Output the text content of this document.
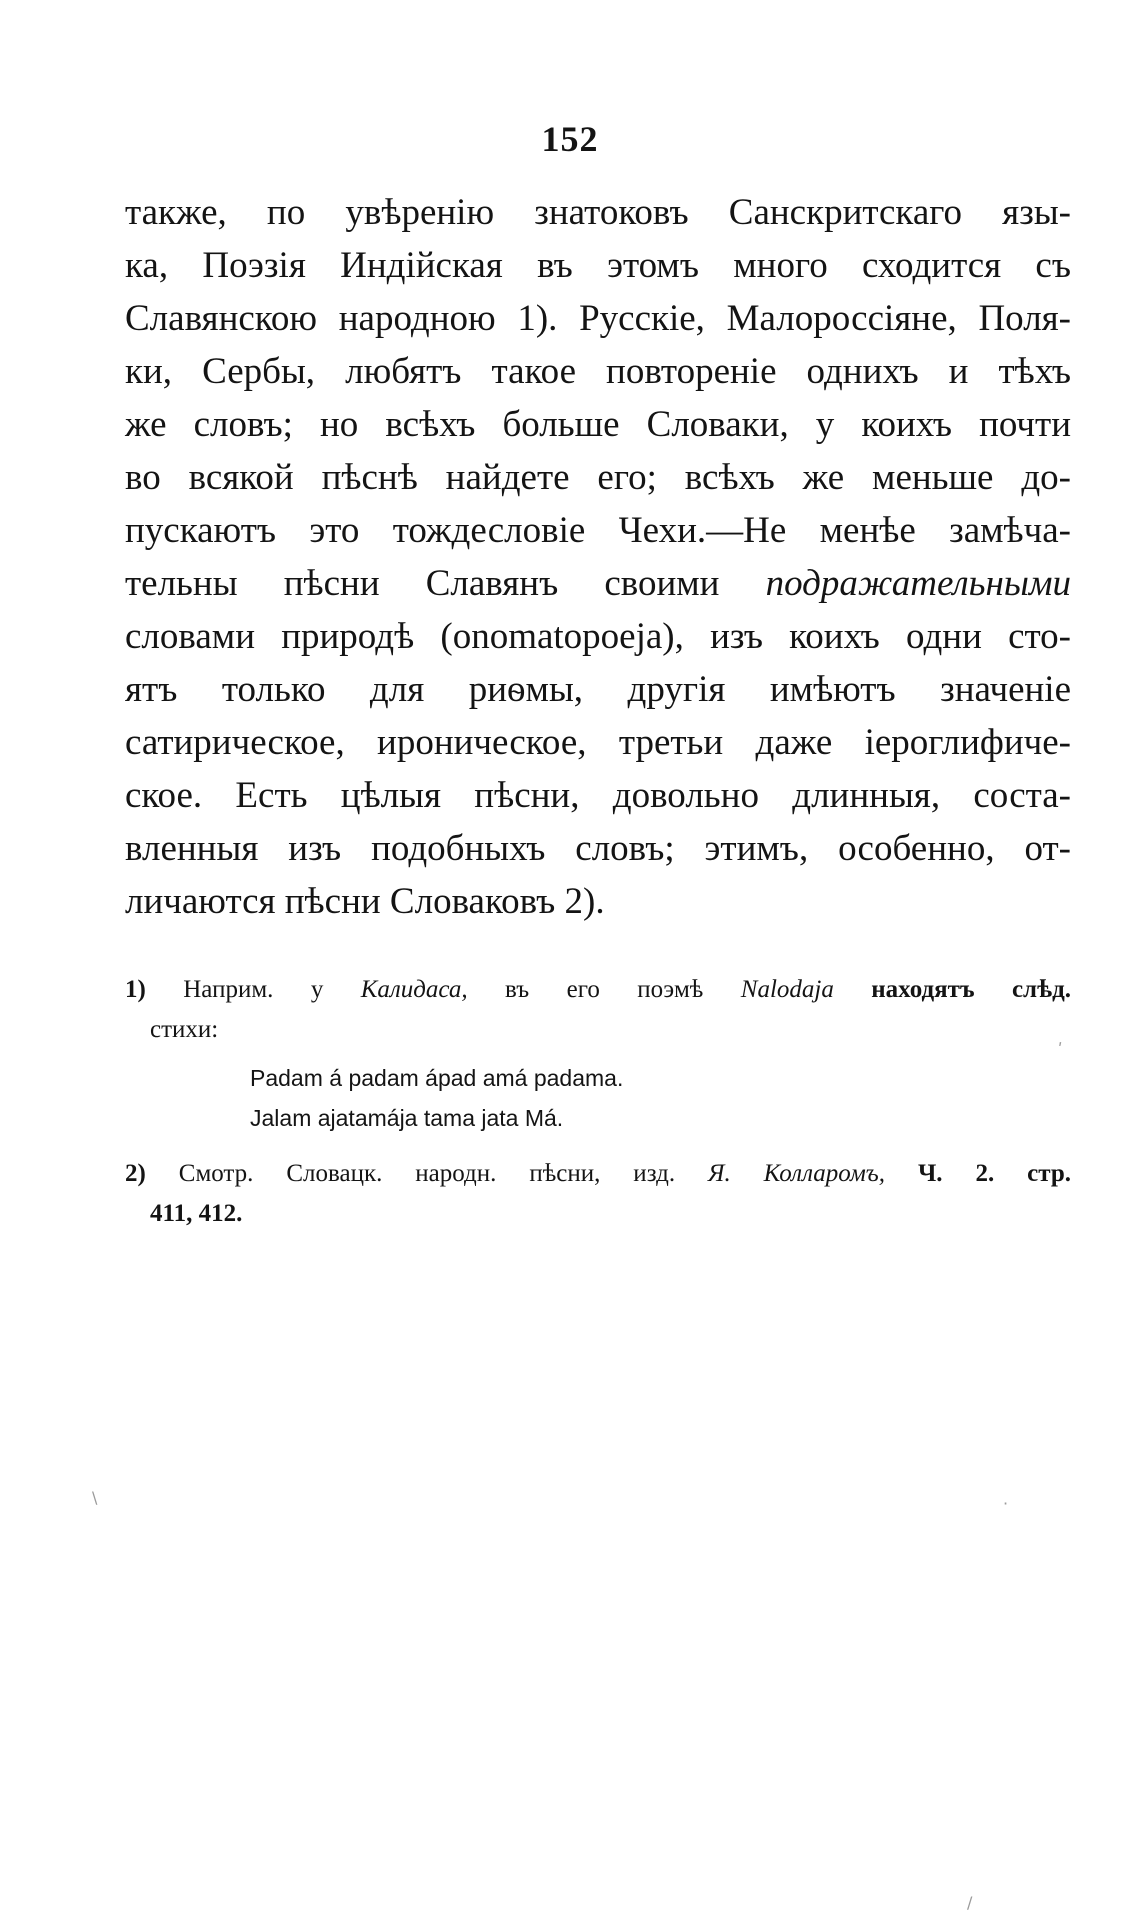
152
также, по увѣренію знатоковъ Санскритскаго язы-
ка, Поэзія Индійская въ этомъ много сходится съ
Славянскою народною 1). Русскіе, Малороссіяне, Поля-
ки, Сербы, любятъ такое повтореніе однихъ и тѣхъ
же словъ; но всѣхъ больше Словаки, у коихъ почти
во всякой пѣснѣ найдете его; всѣхъ же меньше до-
пускаютъ это тождесловіе Чехи.—Не менѣе замѣча-
тельны пѣсни Славянъ своими подражательными
словами природѣ (onomatopoeja), изъ коихъ одни сто-
ятъ только для риѳмы, другія имѣютъ значеніе
сатирическое, ироническое, третьи даже іероглифиче-
ское. Есть цѣлыя пѣсни, довольно длинныя, соста-
вленныя изъ подобныхъ словъ; этимъ, особенно, от-
личаются пѣсни Словаковъ 2).
1) Наприм. у Калидаса, въ его поэмѣ Nalodaja находятъ слѣд.
стихи:
Padam á padam ápad amá padama.
Jalam ajatamája tama jata Má.
2) Смотр. Словацк. народн. пѣсни, изд. Я. Колларомъ, Ч. 2. стр.
411, 412.
ʹ
\	·
/
